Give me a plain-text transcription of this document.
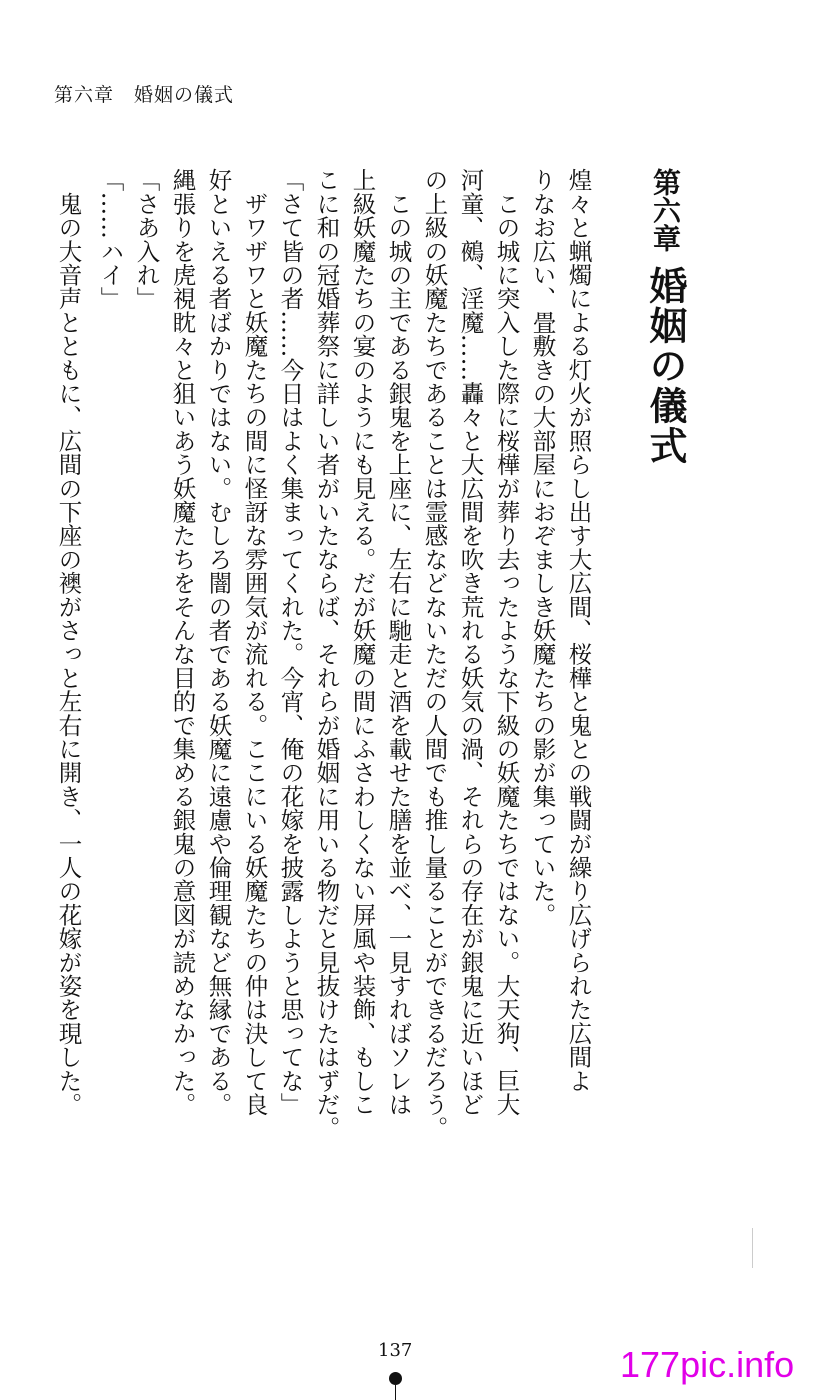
第六章　婚姻の儀式
第六章婚姻の儀式
煌々と蝋燭による灯火が照らし出す大広間、桜樺と鬼との戦闘が繰り広げられた広間よ
りなお広い、畳敷きの大部屋におぞましき妖魔たちの影が集っていた。
　この城に突入した際に桜樺が葬り去ったような下級の妖魔たちではない。大天狗、巨大
河童、鵺、淫魔……轟々と大広間を吹き荒れる妖気の渦、それらの存在が銀鬼に近いほど
の上級の妖魔たちであることは霊感などないただの人間でも推し量ることができるだろう。
　この城の主である銀鬼を上座に、左右に馳走と酒を載せた膳を並べ、一見すればソレは
上級妖魔たちの宴のようにも見える。だが妖魔の間にふさわしくない屏風や装飾、もしこ
こに和の冠婚葬祭に詳しい者がいたならば、それらが婚姻に用いる物だと見抜けたはずだ。
「さて皆の者……今日はよく集まってくれた。今宵、俺の花嫁を披露しようと思ってな」
　ザワザワと妖魔たちの間に怪訝な雰囲気が流れる。ここにいる妖魔たちの仲は決して良
好といえる者ばかりではない。むしろ闇の者である妖魔に遠慮や倫理観など無縁である。
縄張りを虎視眈々と狙いあう妖魔たちをそんな目的で集める銀鬼の意図が読めなかった。
「さあ入れ」
「……ハイ」
　鬼の大音声とともに、広間の下座の襖がさっと左右に開き、一人の花嫁が姿を現した。
137	177pic.info
